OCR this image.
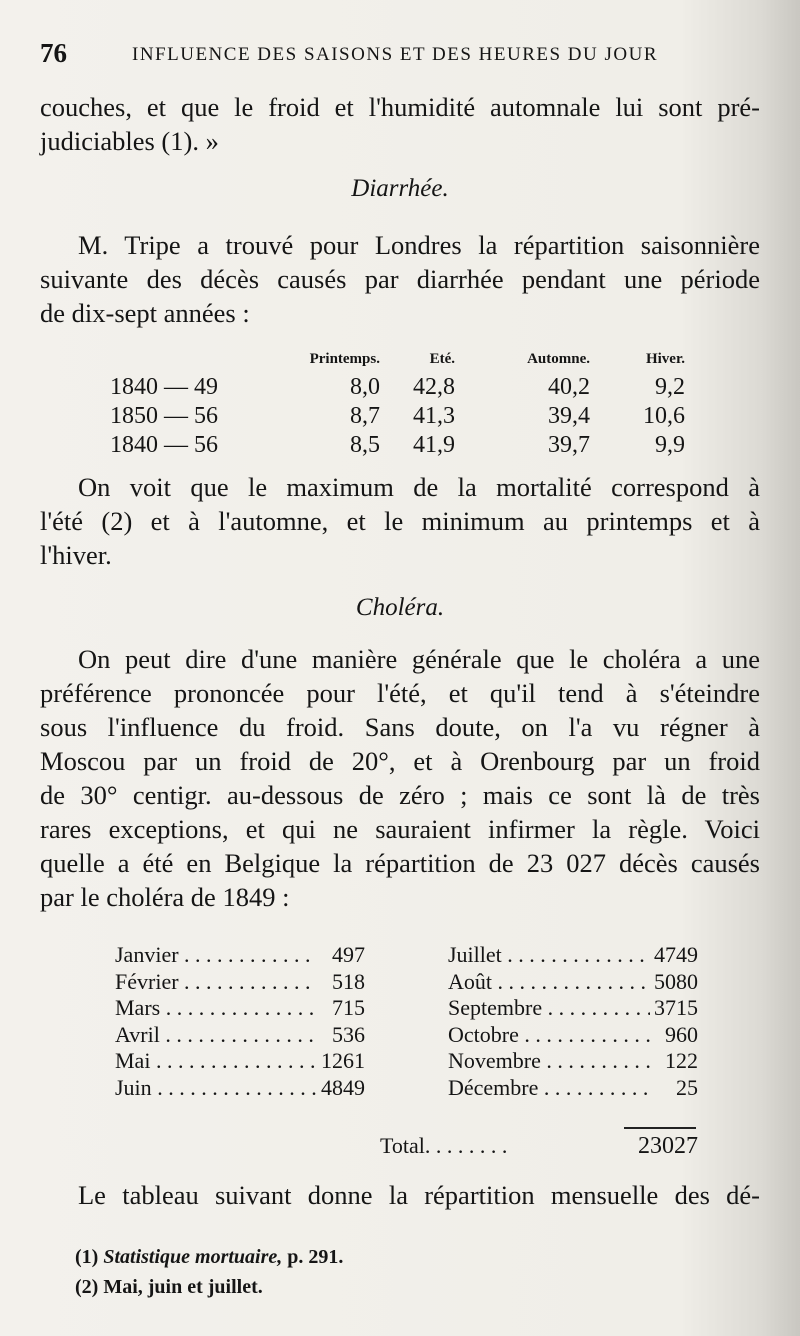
76	INFLUENCE DES SAISONS ET DES HEURES DU JOUR
couches, et que le froid et l'humidité automnale lui sont pré-
judiciables (1). »
Diarrhée.
M. Tripe a trouvé pour Londres la répartition saisonnière
suivante des décès causés par diarrhée pendant une période
de dix-sept années :
	Printemps.	Eté.	Automne.	Hiver.
1840 — 49	8,0	42,8	40,2	9,2
1850 — 56	8,7	41,3	39,4	10,6
1840 — 56	8,5	41,9	39,7	9,9
On voit que le maximum de la mortalité correspond à
l'été (2) et à l'automne, et le minimum au printemps et à
l'hiver.
Choléra.
On peut dire d'une manière générale que le choléra a une
préférence prononcée pour l'été, et qu'il tend à s'éteindre
sous l'influence du froid. Sans doute, on l'a vu régner à
Moscou par un froid de 20°, et à Orenbourg par un froid
de 30° centigr. au-dessous de zéro ; mais ce sont là de très
rares exceptions, et qui ne sauraient infirmer la règle. Voici
quelle a été en Belgique la répartition de 23 027 décès causés
par le choléra de 1849 :
Janvier . . .	497
Février . . .	518
Mars . . .	715
Avril . . .	536
Mai . . .	1261
Juin . . .	4849
Juillet . . .	4749
Août . . .	5080
Septembre . . .	3715
Octobre . . .	960
Novembre . . .	122
Décembre . . .	25
Total. . . . . . . .	23027
Le tableau suivant donne la répartition mensuelle des dé-
(1) Statistique mortuaire, p. 291.
(2) Mai, juin et juillet.
